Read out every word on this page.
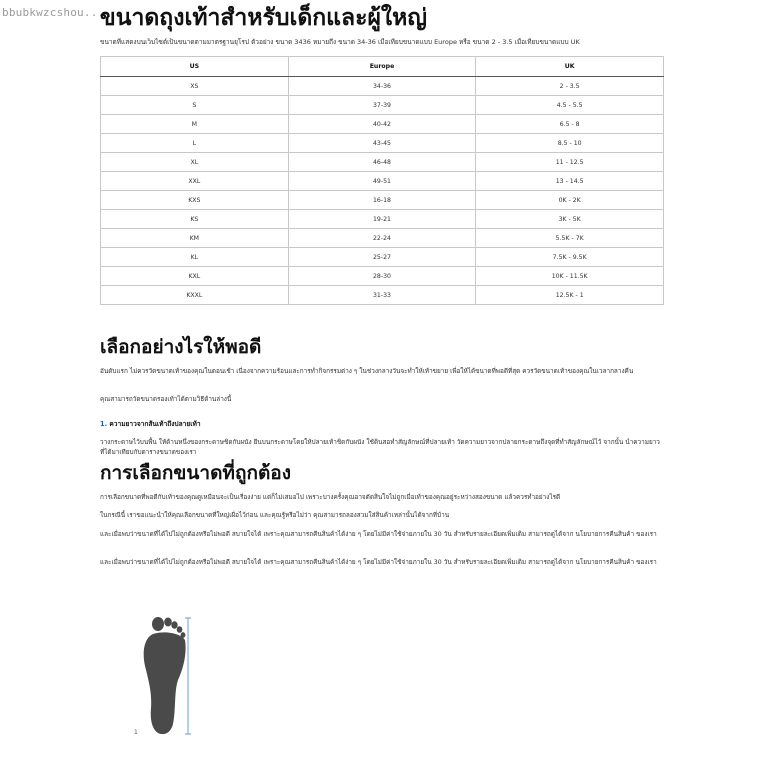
bbubkwzcshou...
ขนาดถุงเท้าสำหรับเด็กและผู้ใหญ่
ขนาดที่แสดงบนเว็บไซต์เป็นขนาดตามมาตรฐานยุโรป ตัวอย่าง ขนาด 3436 หมายถึง ขนาด 34-36 เมื่อเทียบขนาดแบบ Europe หรือ ขนาด 2 - 3.5 เมื่อเทียบขนาดแบบ UK
US	Europe	UK
XS	34-36	2 - 3.5
S	37-39	4.5 - 5.5
M	40-42	6.5 - 8
L	43-45	8.5 - 10
XL	46-48	11 - 12.5
XXL	49-51	13 - 14.5
KXS	16-18	0K - 2K
KS	19-21	3K - 5K
KM	22-24	5.5K - 7K
KL	25-27	7.5K - 9.5K
KXL	28-30	10K - 11.5K
KXXL	31-33	12.5K - 1
เลือกอย่างไรให้พอดี

อันดับแรก ไม่ควรวัดขนาดเท้าของคุณในตอนเช้า เนื่องจากความร้อนและการทำกิจกรรมต่าง ๆ ในช่วงกลางวันจะทำให้เท้าขยาย เพื่อให้ได้ขนาดที่พอดีที่สุด ควรวัดขนาดเท้าของคุณในเวลากลางคืน

คุณสามารถวัดขนาดรองเท้าได้ตามวิธีด้านล่างนี้

1. ความยาวจากส้นเท้าถึงปลายเท้า

วางกระดาษไว้บนพื้น ให้ด้านหนึ่งของกระดาษชิดกับผนัง ยืนบนกระดาษโดยให้ปลายเท้าชิดกับผนัง ใช้ดินสอทำสัญลักษณ์ที่ปลายเท้า วัดความยาวจากปลายกระดาษถึงจุดที่ทำสัญลักษณ์ไว้ จากนั้น นำความยาวที่ได้มาเทียบกับตารางขนาดของเรา

การเลือกขนาดที่ถูกต้อง

การเลือกขนาดที่พอดีกับเท้าของคุณดูเหมือนจะเป็นเรื่องง่าย แต่ก็ไม่เสมอไป เพราะบางครั้งคุณอาจตัดสินใจไม่ถูกเมื่อเท้าของคุณอยู่ระหว่างสองขนาด แล้วควรทำอย่างไรดี

ในกรณีนี้ เราขอแนะนำให้คุณเลือกขนาดที่ใหญ่เผื่อไว้ก่อน และคุณรู้หรือไม่ว่า คุณสามารถลองสวมใส่สินค้าเหล่านั้นได้จากที่บ้าน

และเมื่อพบว่าขนาดที่ได้ไปไม่ถูกต้องหรือไม่พอดี สบายใจได้ เพราะคุณสามารถคืนสินค้าได้ง่าย ๆ โดยไม่มีค่าใช้จ่ายภายใน 30 วัน สำหรับรายละเอียดเพิ่มเติม สามารถดูได้จาก นโยบายการคืนสินค้า ของเรา

และเมื่อพบว่าขนาดที่ได้ไปไม่ถูกต้องหรือไม่พอดี สบายใจได้ เพราะคุณสามารถคืนสินค้าได้ง่าย ๆ โดยไม่มีค่าใช้จ่ายภายใน 30 วัน สำหรับรายละเอียดเพิ่มเติม สามารถดูได้จาก นโยบายการคืนสินค้า ของเรา

1
